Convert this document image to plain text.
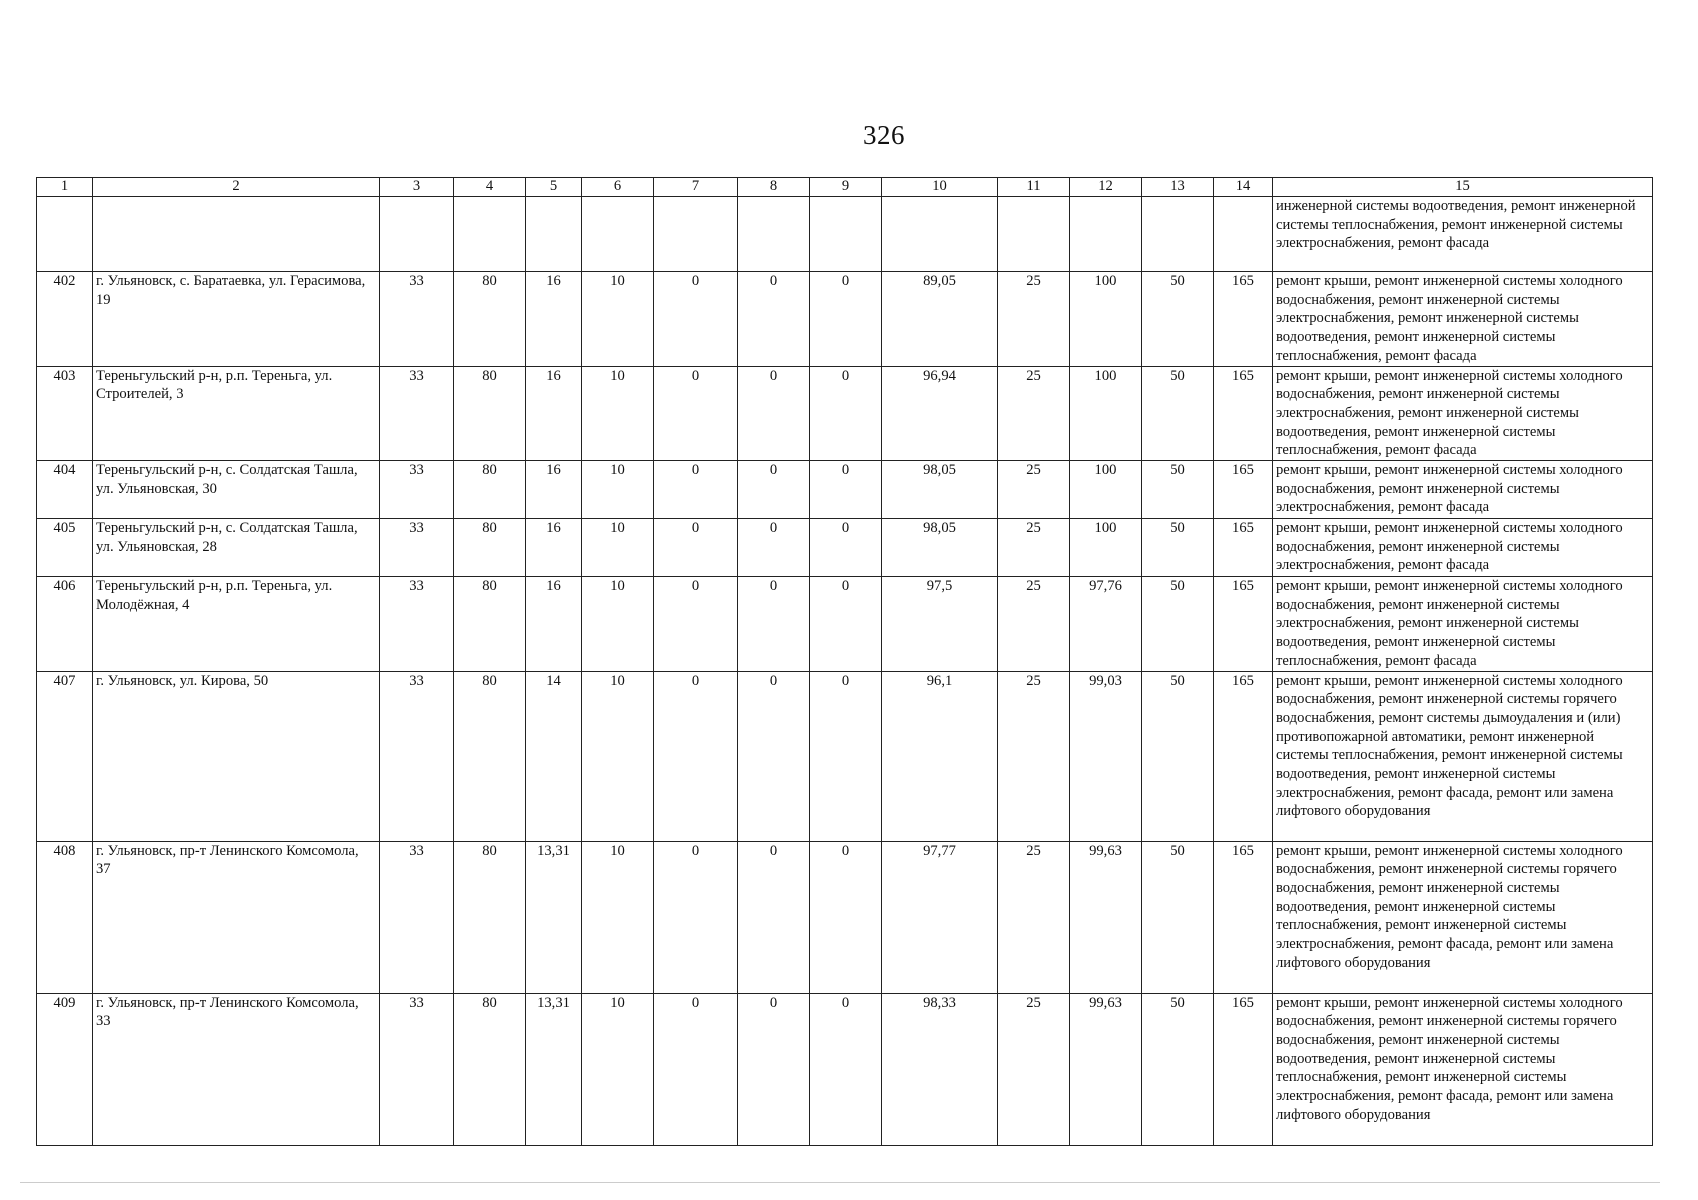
326
1	2	3	4	5	6	7	8	9	10	11	12	13	14	15
														инженерной системы водоотведения, ремонт инженерной системы теплоснабжения, ремонт инженерной системы электроснабжения, ремонт фасада
402	г. Ульяновск, с. Баратаевка, ул. Герасимова, 19	33	80	16	10	0	0	0	89,05	25	100	50	165	ремонт крыши, ремонт инженерной системы холодного водоснабжения, ремонт инженерной системы электроснабжения, ремонт инженерной системы водоотведения, ремонт инженерной системы теплоснабжения, ремонт фасада
403	Тереньгульский р-н, р.п. Тереньга, ул. Строителей, 3	33	80	16	10	0	0	0	96,94	25	100	50	165	ремонт крыши, ремонт инженерной системы холодного водоснабжения, ремонт инженерной системы электроснабжения, ремонт инженерной системы водоотведения, ремонт инженерной системы теплоснабжения, ремонт фасада
404	Тереньгульский р-н, с. Солдатская Ташла, ул. Ульяновская, 30	33	80	16	10	0	0	0	98,05	25	100	50	165	ремонт крыши, ремонт инженерной системы холодного водоснабжения, ремонт инженерной системы электроснабжения, ремонт фасада
405	Тереньгульский р-н, с. Солдатская Ташла, ул. Ульяновская, 28	33	80	16	10	0	0	0	98,05	25	100	50	165	ремонт крыши, ремонт инженерной системы холодного водоснабжения, ремонт инженерной системы электроснабжения, ремонт фасада
406	Тереньгульский р-н, р.п. Тереньга, ул. Молодёжная, 4	33	80	16	10	0	0	0	97,5	25	97,76	50	165	ремонт крыши, ремонт инженерной системы холодного водоснабжения, ремонт инженерной системы электроснабжения, ремонт инженерной системы водоотведения, ремонт инженерной системы теплоснабжения, ремонт фасада
407	г. Ульяновск, ул. Кирова, 50	33	80	14	10	0	0	0	96,1	25	99,03	50	165	ремонт крыши, ремонт инженерной системы холодного водоснабжения, ремонт инженерной системы горячего водоснабжения, ремонт системы дымоудаления и (или) противопожарной автоматики, ремонт инженерной системы теплоснабжения, ремонт инженерной системы водоотведения, ремонт инженерной системы электроснабжения, ремонт фасада, ремонт или замена лифтового оборудования
408	г. Ульяновск, пр-т Ленинского Комсомола, 37	33	80	13,31	10	0	0	0	97,77	25	99,63	50	165	ремонт крыши, ремонт инженерной системы холодного водоснабжения, ремонт инженерной системы горячего водоснабжения, ремонт инженерной системы водоотведения, ремонт инженерной системы теплоснабжения, ремонт инженерной системы электроснабжения, ремонт фасада, ремонт или замена лифтового оборудования
409	г. Ульяновск, пр-т Ленинского Комсомола, 33	33	80	13,31	10	0	0	0	98,33	25	99,63	50	165	ремонт крыши, ремонт инженерной системы холодного водоснабжения, ремонт инженерной системы горячего водоснабжения, ремонт инженерной системы водоотведения, ремонт инженерной системы теплоснабжения, ремонт инженерной системы электроснабжения, ремонт фасада, ремонт или замена лифтового оборудования
